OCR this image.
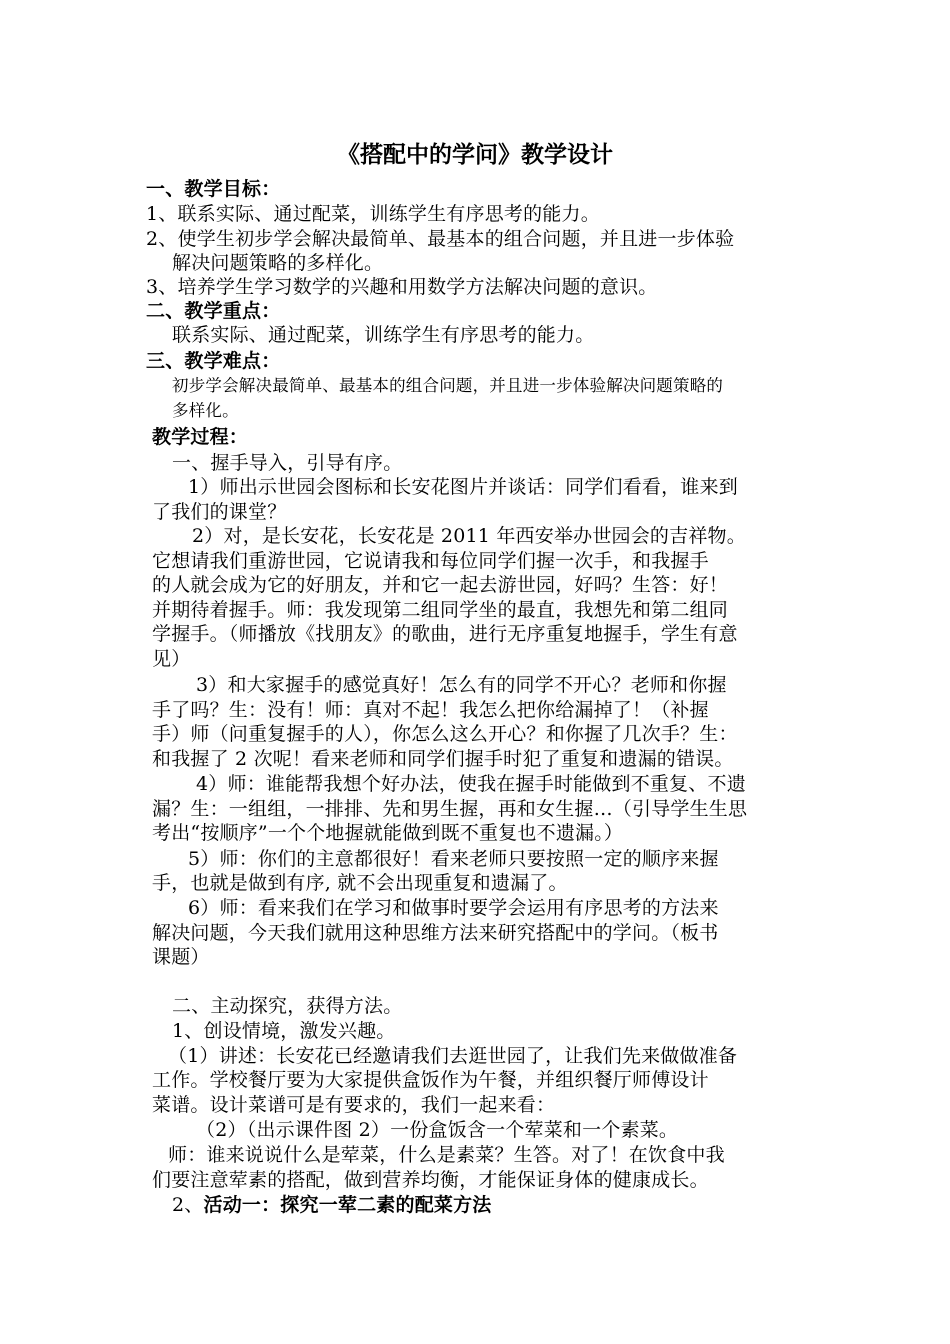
《搭配中的学问》教学设计
一、教学目标：
1、联系实际、通过配菜，训练学生有序思考的能力。
2、使学生初步学会解决最简单、最基本的组合问题，并且进一步体验
解决问题策略的多样化。
3、培养学生学习数学的兴趣和用数学方法解决问题的意识。
二、教学重点：
联系实际、通过配菜，训练学生有序思考的能力。
三、教学难点：
初步学会解决最简单、最基本的组合问题，并且进一步体验解决问题策略的
多样化。
教学过程：
一、握手导入，引导有序。
1）师出示世园会图标和长安花图片并谈话：同学们看看，谁来到
了我们的课堂？
2）对，是长安花，长安花是 2011 年西安举办世园会的吉祥物。
它想请我们重游世园，它说请我和每位同学们握一次手，和我握手
的人就会成为它的好朋友，并和它一起去游世园，好吗？生答：好！
并期待着握手。师：我发现第二组同学坐的最直，我想先和第二组同
学握手。（师播放《找朋友》的歌曲，进行无序重复地握手，学生有意
见）
3）和大家握手的感觉真好！怎么有的同学不开心？老师和你握
手了吗？生：没有！师：真对不起！我怎么把你给漏掉了！（补握
手）师（问重复握手的人），你怎么这么开心？和你握了几次手？生：
和我握了 2 次呢！看来老师和同学们握手时犯了重复和遗漏的错误。
4）师：谁能帮我想个好办法，使我在握手时能做到不重复、不遗
漏？生：一组组，一排排、先和男生握，再和女生握…（引导学生生思
考出“按顺序”一个个地握就能做到既不重复也不遗漏。）
5）师：你们的主意都很好！看来老师只要按照一定的顺序来握
手，也就是做到有序, 就不会出现重复和遗漏了。
6）师：看来我们在学习和做事时要学会运用有序思考的方法来
解决问题，今天我们就用这种思维方法来研究搭配中的学问。（板书
课题）
二、主动探究，获得方法。
1、创设情境，激发兴趣。
（1）讲述：长安花已经邀请我们去逛世园了，让我们先来做做准备
工作。学校餐厅要为大家提供盒饭作为午餐，并组织餐厅师傅设计
菜谱。设计菜谱可是有要求的，我们一起来看：
（2）（出示课件图 2）一份盒饭含一个荤菜和一个素菜。
师：谁来说说什么是荤菜，什么是素菜？生答。对了！在饮食中我
们要注意荤素的搭配，做到营养均衡，才能保证身体的健康成长。
2、活动一：探究一荤二素的配菜方法
